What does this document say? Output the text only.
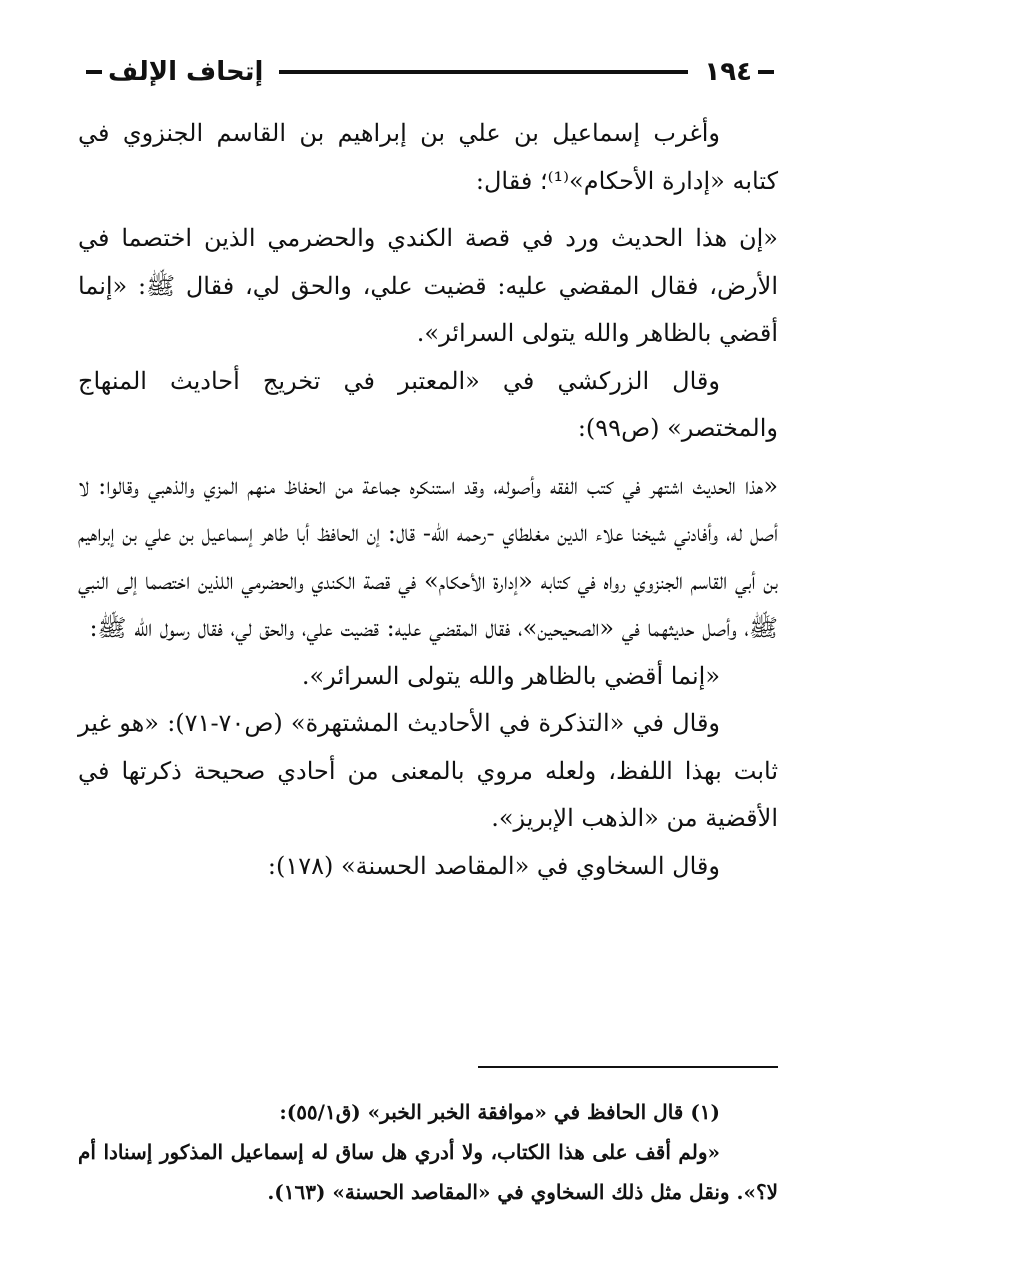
١٩٤
إتحاف الإلف

وأغرب إسماعيل بن علي بن إبراهيم بن القاسم الجنزوي في كتابه «إدارة الأحكام»⁽¹⁾؛ فقال:

«إن هذا الحديث ورد في قصة الكندي والحضرمي الذين اختصما في الأرض، فقال المقضي عليه: قضيت علي، والحق لي، فقال ﷺ: «إنما أقضي بالظاهر والله يتولى السرائر».

وقال الزركشي في «المعتبر في تخريج أحاديث المنهاج والمختصر» (ص٩٩):

«هذا الحديث اشتهر في كتب الفقه وأصوله، وقد استنكره جماعة من الحفاظ منهم المزي والذهبي وقالوا: لا أصل له، وأفادني شيخنا علاء الدين مغلطاي -رحمه الله- قال: إن الحافظ أبا طاهر إسماعيل بن علي بن إبراهيم بن أبي القاسم الجنزوي رواه في كتابه «إدارة الأحكام» في قصة الكندي والحضرمي اللذين اختصما إلى النبي ﷺ، وأصل حديثهما في «الصحيحين»، فقال المقضي عليه: قضيت علي، والحق لي، فقال رسول الله ﷺ:

«إنما أقضي بالظاهر والله يتولى السرائر».

وقال في «التذكرة في الأحاديث المشتهرة» (ص٧٠-٧١): «هو غير ثابت بهذا اللفظ، ولعله مروي بالمعنى من أحادي صحيحة ذكرتها في الأقضية من «الذهب الإبريز».

وقال السخاوي في «المقاصد الحسنة» (١٧٨):

(١) قال الحافظ في «موافقة الخبر الخبر» (ق٥٥/١):

«ولم أقف على هذا الكتاب، ولا أدري هل ساق له إسماعيل المذكور إسنادا أم لا؟». ونقل مثل ذلك السخاوي في «المقاصد الحسنة» (١٦٣).
